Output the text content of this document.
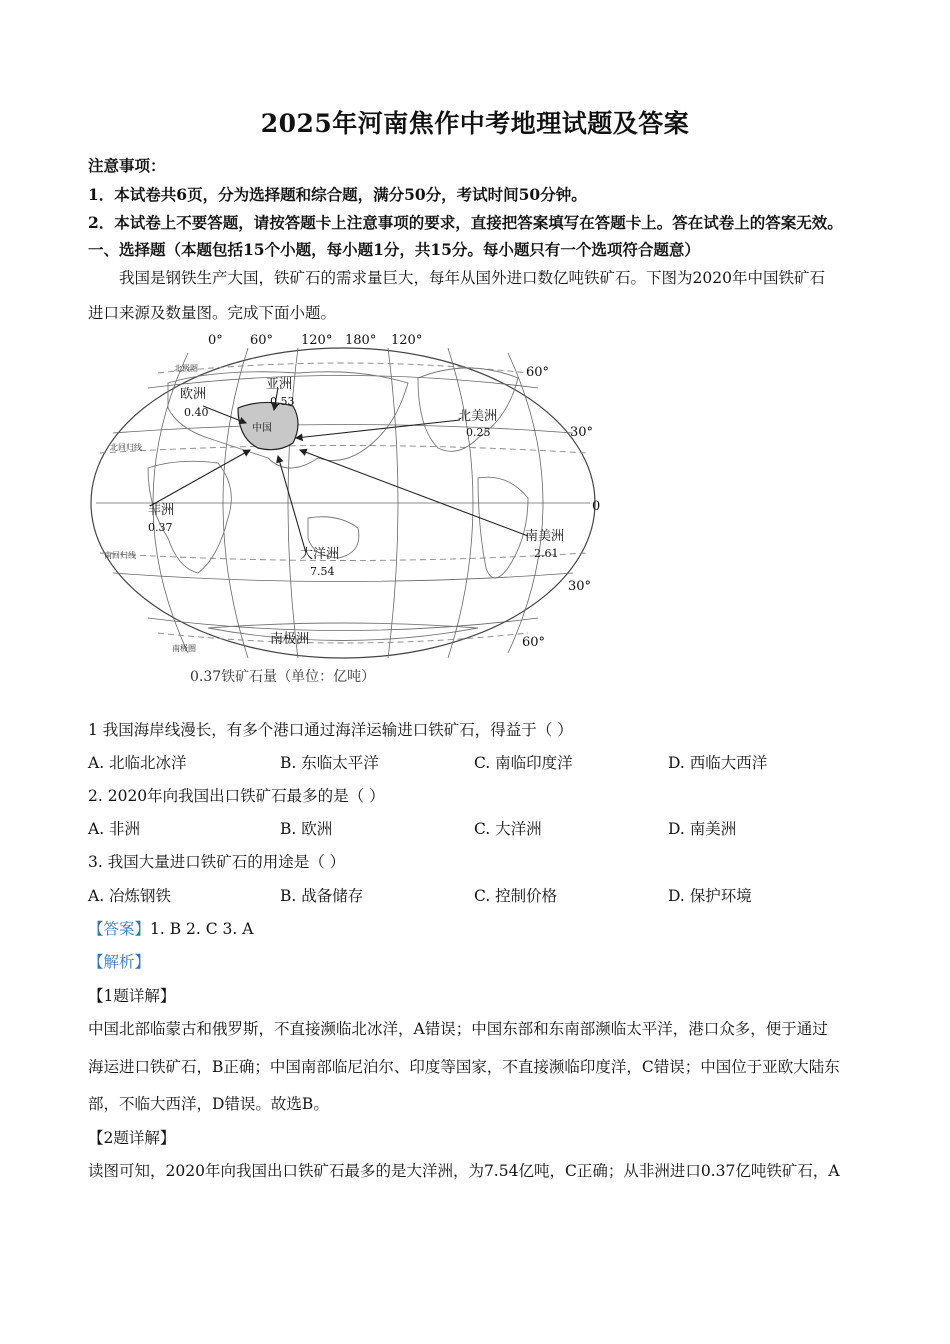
2025年河南焦作中考地理试题及答案
注意事项：
1．本试卷共6页，分为选择题和综合题，满分50分，考试时间50分钟。
2．本试卷上不要答题，请按答题卡上注意事项的要求，直接把答案填写在答题卡上。答在试卷上的答案无效。
一、选择题（本题包括15个小题，每小题1分，共15分。每小题只有一个选项符合题意）
我国是钢铁生产大国，铁矿石的需求量巨大，每年从国外进口数亿吨铁矿石。下图为2020年中国铁矿石
进口来源及数量图。完成下面小题。
中国
0° 60° 120° 180° 120°
60°
30°
0
30°
60°
北极圈
北回归线
南回归线
南极圈
亚洲
0.53
欧洲
0.40	北美洲
0.25
非洲
0.37
大洋洲
7.54
南美洲
2.61
南极洲
0.37铁矿石量（单位：亿吨）
1 我国海岸线漫长，有多个港口通过海洋运输进口铁矿石，得益于（ ）
A. 北临北冰洋	B. 东临太平洋	C. 南临印度洋	D. 西临大西洋
2. 2020年向我国出口铁矿石最多的是（ ）
A. 非洲	B. 欧洲	C. 大洋洲	D. 南美洲
3. 我国大量进口铁矿石的用途是（ ）
A. 冶炼钢铁	B. 战备储存	C. 控制价格	D. 保护环境
【答案】1. B 2. C 3. A
【解析】
【1题详解】
中国北部临蒙古和俄罗斯，不直接濒临北冰洋，A错误；中国东部和东南部濒临太平洋，港口众多，便于通过
海运进口铁矿石，B正确；中国南部临尼泊尔、印度等国家，不直接濒临印度洋，C错误；中国位于亚欧大陆东
部，不临大西洋，D错误。故选B。
【2题详解】
读图可知，2020年向我国出口铁矿石最多的是大洋洲，为7.54亿吨，C正确；从非洲进口0.37亿吨铁矿石，A
